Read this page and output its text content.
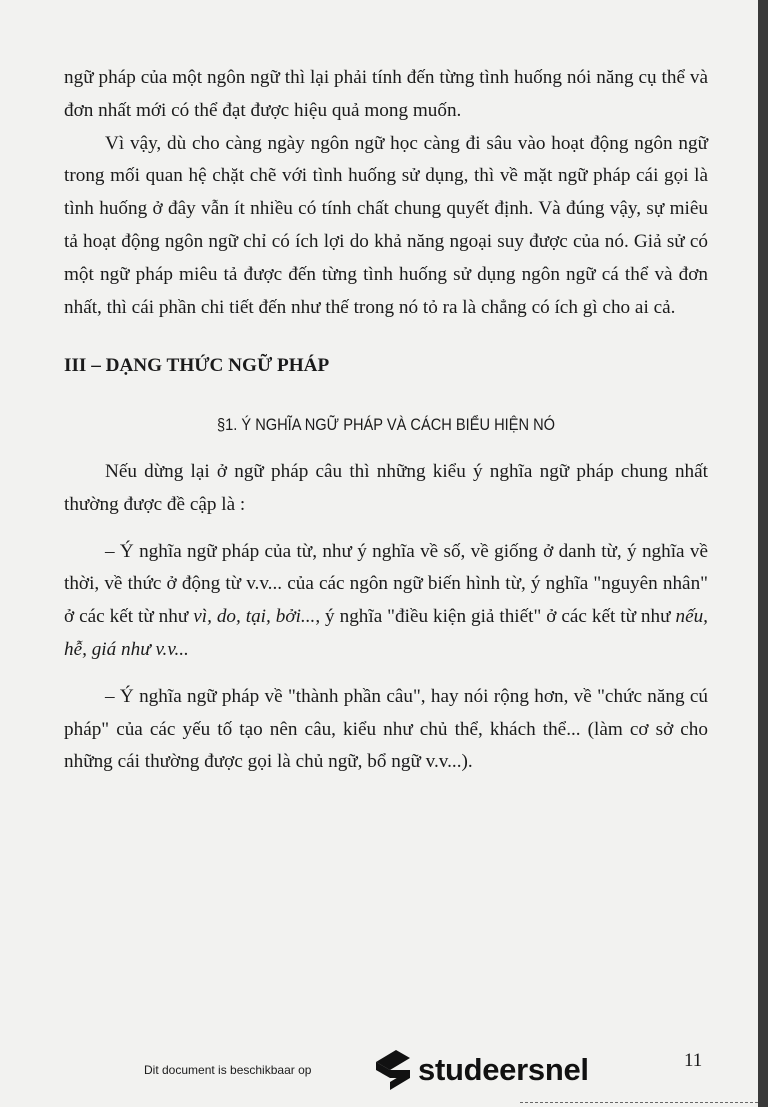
ngữ pháp của một ngôn ngữ thì lại phải tính đến từng tình huống nói năng cụ thể và đơn nhất mới có thể đạt được hiệu quả mong muốn.

Vì vậy, dù cho càng ngày ngôn ngữ học càng đi sâu vào hoạt động ngôn ngữ trong mối quan hệ chặt chẽ với tình huống sử dụng, thì về mặt ngữ pháp cái gọi là tình huống ở đây vẫn ít nhiều có tính chất chung quyết định. Và đúng vậy, sự miêu tả hoạt động ngôn ngữ chỉ có ích lợi do khả năng ngoại suy được của nó. Giả sử có một ngữ pháp miêu tả được đến từng tình huống sử dụng ngôn ngữ cá thể và đơn nhất, thì cái phần chi tiết đến như thế trong nó tỏ ra là chẳng có ích gì cho ai cả.

III – DẠNG THỨC NGỮ PHÁP
§1. Ý NGHĨA NGỮ PHÁP VÀ CÁCH BIỂU HIỆN NÓ

Nếu dừng lại ở ngữ pháp câu thì những kiểu ý nghĩa ngữ pháp chung nhất thường được đề cập là :

– Ý nghĩa ngữ pháp của từ, như ý nghĩa về số, về giống ở danh từ, ý nghĩa về thời, về thức ở động từ v.v... của các ngôn ngữ biến hình từ, ý nghĩa "nguyên nhân" ở các kết từ như vì, do, tại, bởi..., ý nghĩa "điều kiện giả thiết" ở các kết từ như nếu, hễ, giá như v.v...

– Ý nghĩa ngữ pháp về "thành phần câu", hay nói rộng hơn, về "chức năng cú pháp" của các yếu tố tạo nên câu, kiểu như chủ thể, khách thể... (làm cơ sở cho những cái thường được gọi là chủ ngữ, bổ ngữ v.v...).

Dit document is beschikbaar op	studeersnel	11
